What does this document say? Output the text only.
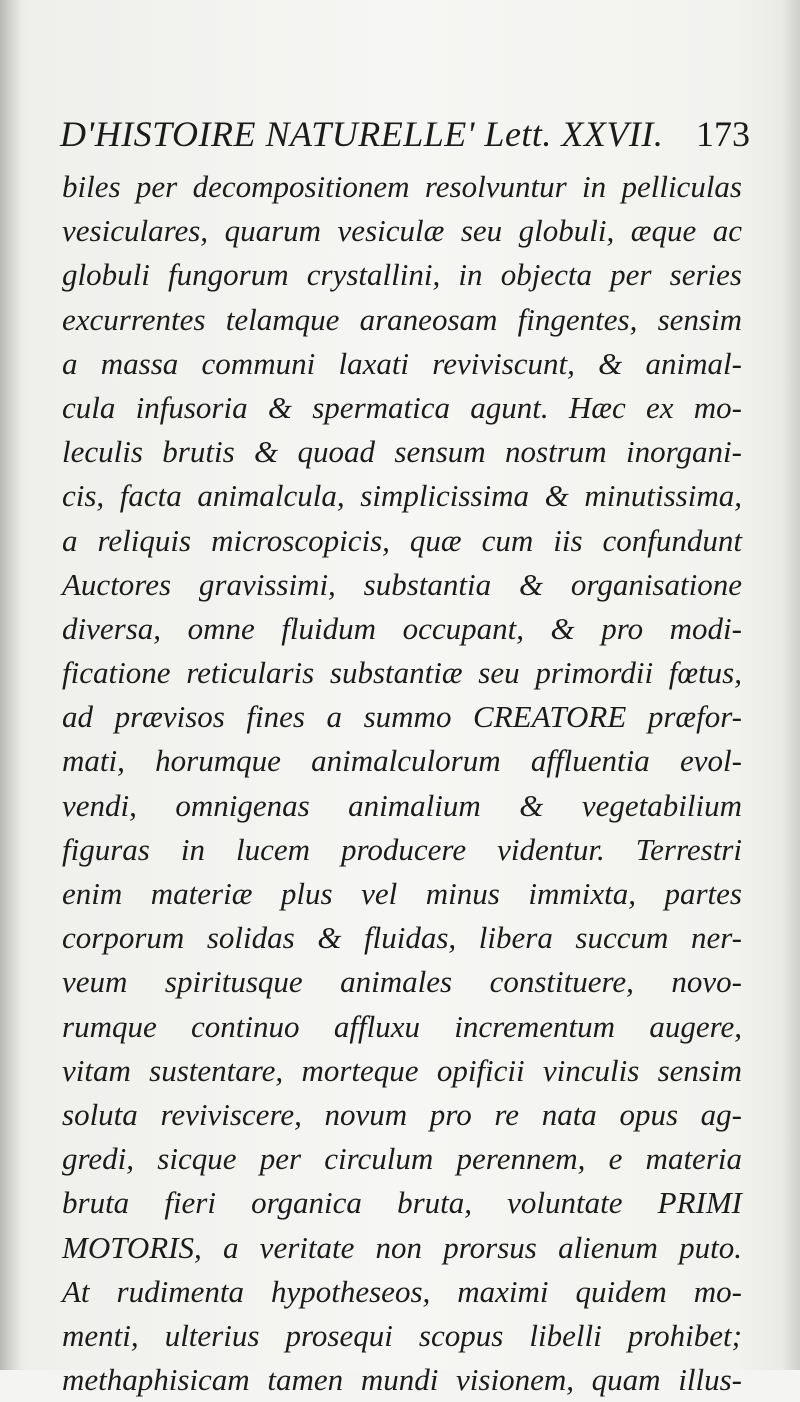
D'HISTOIRE NATURELLE' Lett. XXVII. 173
biles per decompositionem resolvuntur in pelliculas
vesiculares, quarum vesiculæ seu globuli, æque ac
globuli fungorum crystallini, in objecta per series
excurrentes telamque araneosam fingentes, sensim
a massa communi laxati reviviscunt, & animal-
cula infusoria & spermatica agunt. Hæc ex mo-
leculis brutis & quoad sensum nostrum inorgani-
cis, facta animalcula, simplicissima & minutissima,
a reliquis microscopicis, quæ cum iis confundunt
Auctores gravissimi, substantia & organisatione
diversa, omne fluidum occupant, & pro modi-
ficatione reticularis substantiæ seu primordii fœtus,
ad prævisos fines a summo CREATORE præfor-
mati, horumque animalculorum affluentia evol-
vendi, omnigenas animalium & vegetabilium
figuras in lucem producere videntur. Terrestri
enim materiæ plus vel minus immixta, partes
corporum solidas & fluidas, libera succum ner-
veum spiritusque animales constituere, novo-
rumque continuo affluxu incrementum augere,
vitam sustentare, morteque opificii vinculis sensim
soluta reviviscere, novum pro re nata opus ag-
gredi, sicque per circulum perennem, e materia
bruta fieri organica bruta, voluntate PRIMI
MOTORIS, a veritate non prorsus alienum puto.
At rudimenta hypotheseos, maximi quidem mo-
menti, ulterius prosequi scopus libelli prohibet;
methaphisicam tamen mundi visionem, quam illus-
